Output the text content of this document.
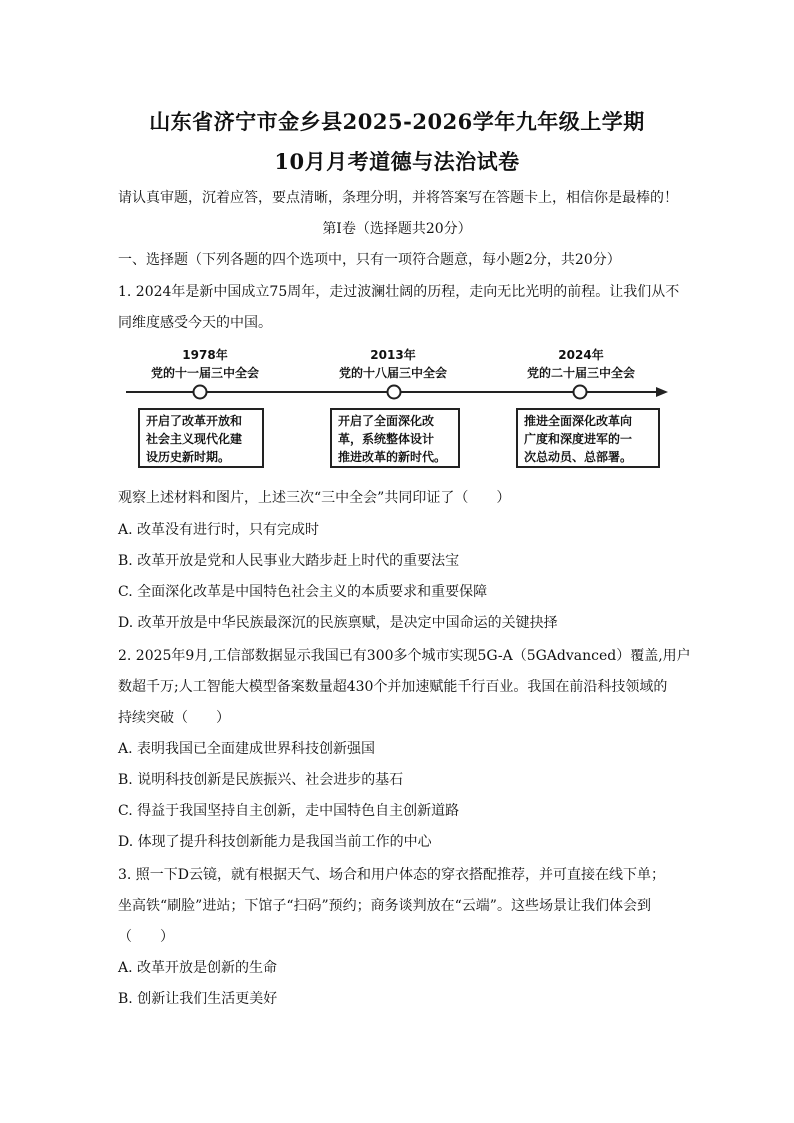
山东省济宁市金乡县2025-2026学年九年级上学期
10月月考道德与法治试卷
请认真审题，沉着应答，要点清晰，条理分明，并将答案写在答题卡上，相信你是最棒的！
第Ⅰ卷（选择题共20分）
一、选择题（下列各题的四个选项中，只有一项符合题意，每小题2分，共20分）
1. 2024年是新中国成立75周年，走过波澜壮阔的历程，走向无比光明的前程。让我们从不
同维度感受今天的中国。
1978年
党的十一届三中全会
2013年
党的十八届三中全会
2024年
党的二十届三中全会
开启了改革开放和
社会主义现代化建
设历史新时期。
开启了全面深化改
革，系统整体设计
推进改革的新时代。
推进全面深化改革向
广度和深度进军的一
次总动员、总部署。
观察上述材料和图片，上述三次“三中全会”共同印证了（　　）
A. 改革没有进行时，只有完成时
B. 改革开放是党和人民事业大踏步赶上时代的重要法宝
C. 全面深化改革是中国特色社会主义的本质要求和重要保障
D. 改革开放是中华民族最深沉的民族禀赋，是决定中国命运的关键抉择
2. 2025年9月,工信部数据显示我国已有300多个城市实现5G-A（5GAdvanced）覆盖,用户
数超千万;人工智能大模型备案数量超430个并加速赋能千行百业。我国在前沿科技领域的
持续突破（　　）
A. 表明我国已全面建成世界科技创新强国
B. 说明科技创新是民族振兴、社会进步的基石
C. 得益于我国坚持自主创新，走中国特色自主创新道路
D. 体现了提升科技创新能力是我国当前工作的中心
3. 照一下D云镜，就有根据天气、场合和用户体态的穿衣搭配推荐，并可直接在线下单；
坐高铁“刷脸”进站；下馆子“扫码”预约；商务谈判放在“云端”。这些场景让我们体会到
（　　）
A. 改革开放是创新的生命
B. 创新让我们生活更美好
